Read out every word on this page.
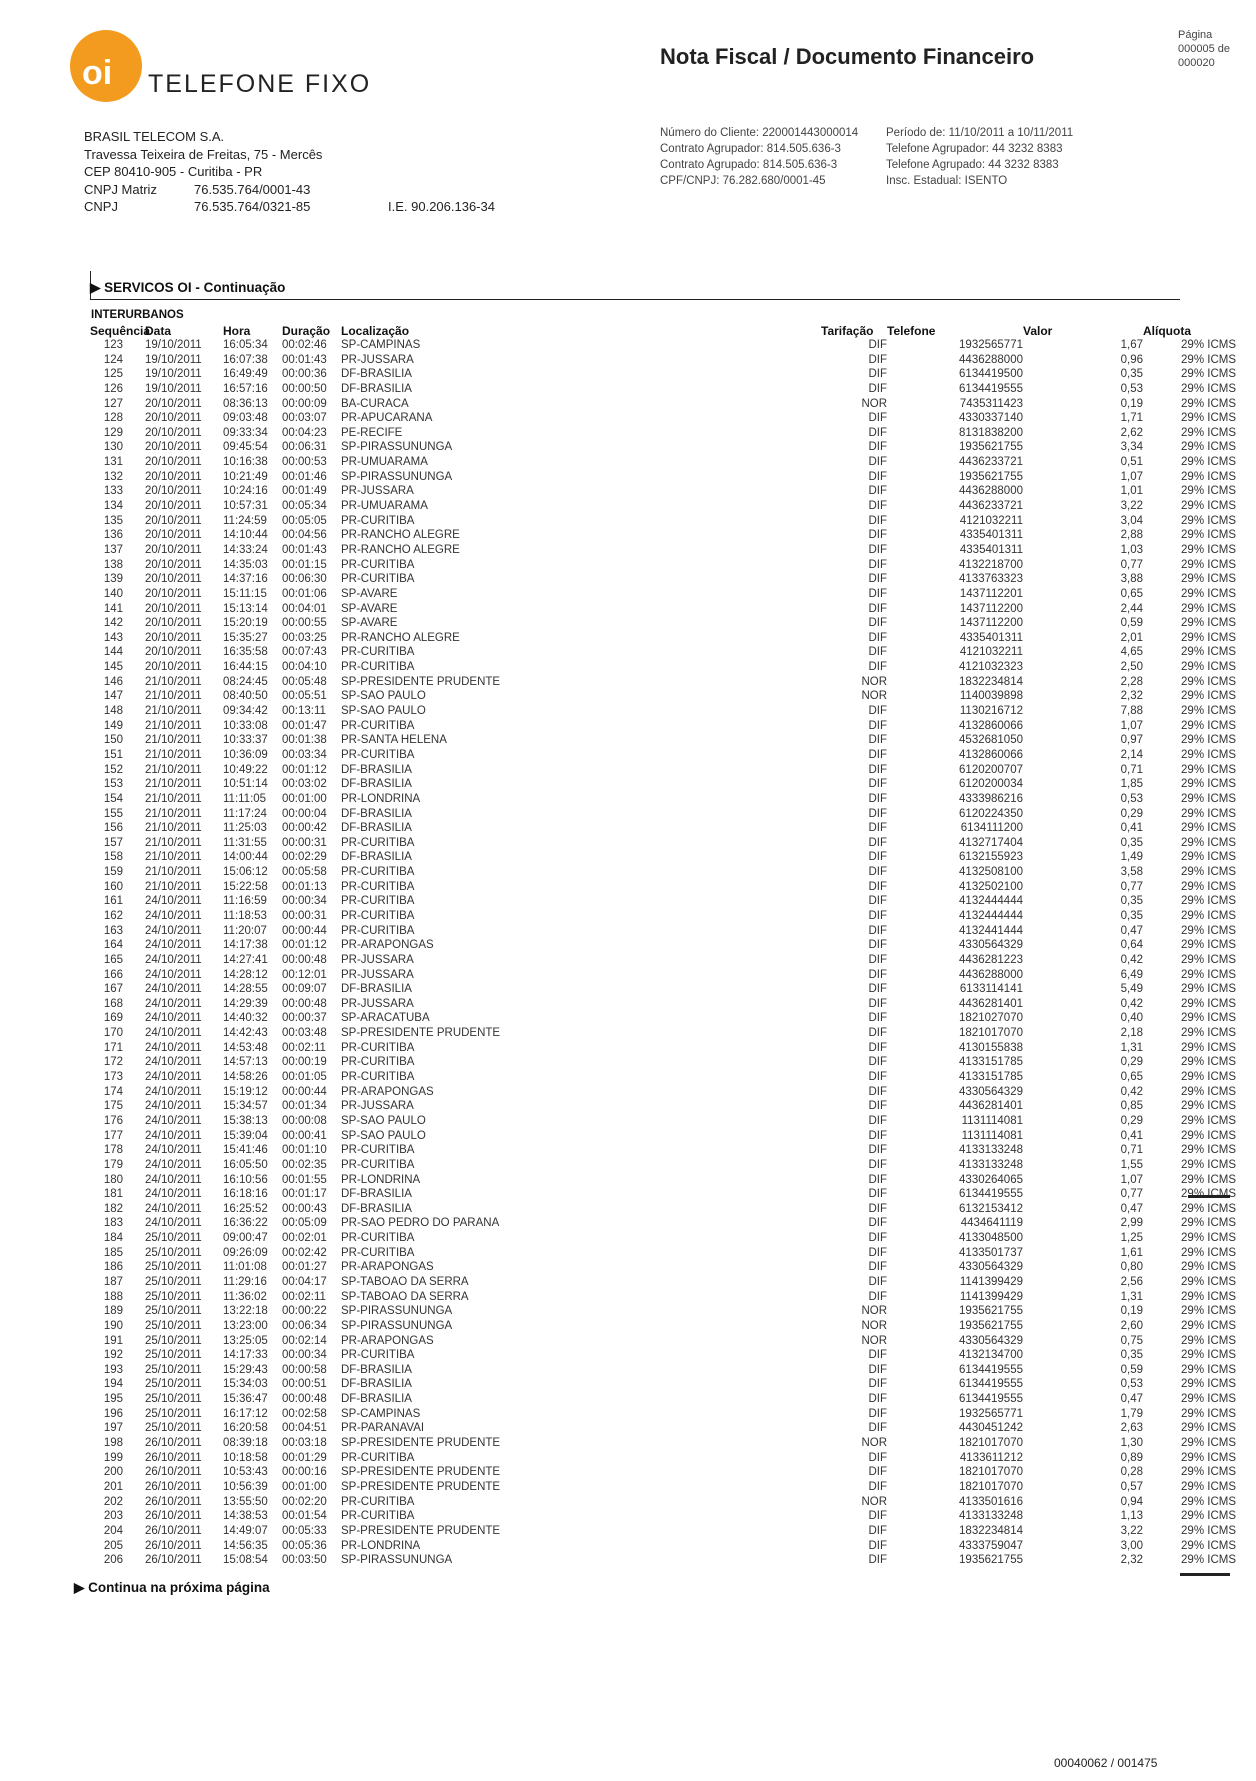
oi TELEFONE FIXO
Nota Fiscal / Documento Financeiro
Página
000005 de
000020
BRASIL TELECOM S.A.
Travessa Teixeira de Freitas, 75 - Mercês
CEP 80410-905 - Curitiba - PR
CNPJ Matriz	76.535.764/0001-43
CNPJ	76.535.764/0321-85	I.E. 90.206.136-34
Número do Cliente: 220001443000014
Contrato Agrupador: 814.505.636-3
Contrato Agrupado: 814.505.636-3
CPF/CNPJ: 76.282.680/0001-45
Período de: 11/10/2011 a 10/11/2011
Telefone Agrupador: 44 3232 8383
Telefone Agrupado: 44 3232 8383
Insc. Estadual: ISENTO
▶ SERVICOS OI - Continuação
INTERURBANOS
Sequência	Data	Hora	Duração	Localização		Tarifação	Telefone	Valor	Alíquota
123	19/10/2011	16:05:34	00:02:46	SP-CAMPINAS		DIF	1932565771	1,67	29% ICMS
124	19/10/2011	16:07:38	00:01:43	PR-JUSSARA		DIF	4436288000	0,96	29% ICMS
125	19/10/2011	16:49:49	00:00:36	DF-BRASILIA		DIF	6134419500	0,35	29% ICMS
126	19/10/2011	16:57:16	00:00:50	DF-BRASILIA		DIF	6134419555	0,53	29% ICMS
127	20/10/2011	08:36:13	00:00:09	BA-CURACA		NOR	7435311423	0,19	29% ICMS
128	20/10/2011	09:03:48	00:03:07	PR-APUCARANA		DIF	4330337140	1,71	29% ICMS
129	20/10/2011	09:33:34	00:04:23	PE-RECIFE		DIF	8131838200	2,62	29% ICMS
130	20/10/2011	09:45:54	00:06:31	SP-PIRASSUNUNGA		DIF	1935621755	3,34	29% ICMS
131	20/10/2011	10:16:38	00:00:53	PR-UMUARAMA		DIF	4436233721	0,51	29% ICMS
132	20/10/2011	10:21:49	00:01:46	SP-PIRASSUNUNGA		DIF	1935621755	1,07	29% ICMS
133	20/10/2011	10:24:16	00:01:49	PR-JUSSARA		DIF	4436288000	1,01	29% ICMS
134	20/10/2011	10:57:31	00:05:34	PR-UMUARAMA		DIF	4436233721	3,22	29% ICMS
135	20/10/2011	11:24:59	00:05:05	PR-CURITIBA		DIF	4121032211	3,04	29% ICMS
136	20/10/2011	14:10:44	00:04:56	PR-RANCHO ALEGRE		DIF	4335401311	2,88	29% ICMS
137	20/10/2011	14:33:24	00:01:43	PR-RANCHO ALEGRE		DIF	4335401311	1,03	29% ICMS
138	20/10/2011	14:35:03	00:01:15	PR-CURITIBA		DIF	4132218700	0,77	29% ICMS
139	20/10/2011	14:37:16	00:06:30	PR-CURITIBA		DIF	4133763323	3,88	29% ICMS
140	20/10/2011	15:11:15	00:01:06	SP-AVARE		DIF	1437112201	0,65	29% ICMS
141	20/10/2011	15:13:14	00:04:01	SP-AVARE		DIF	1437112200	2,44	29% ICMS
142	20/10/2011	15:20:19	00:00:55	SP-AVARE		DIF	1437112200	0,59	29% ICMS
143	20/10/2011	15:35:27	00:03:25	PR-RANCHO ALEGRE		DIF	4335401311	2,01	29% ICMS
144	20/10/2011	16:35:58	00:07:43	PR-CURITIBA		DIF	4121032211	4,65	29% ICMS
145	20/10/2011	16:44:15	00:04:10	PR-CURITIBA		DIF	4121032323	2,50	29% ICMS
146	21/10/2011	08:24:45	00:05:48	SP-PRESIDENTE PRUDENTE		NOR	1832234814	2,28	29% ICMS
147	21/10/2011	08:40:50	00:05:51	SP-SAO PAULO		NOR	1140039898	2,32	29% ICMS
148	21/10/2011	09:34:42	00:13:11	SP-SAO PAULO		DIF	1130216712	7,88	29% ICMS
149	21/10/2011	10:33:08	00:01:47	PR-CURITIBA		DIF	4132860066	1,07	29% ICMS
150	21/10/2011	10:33:37	00:01:38	PR-SANTA HELENA		DIF	4532681050	0,97	29% ICMS
151	21/10/2011	10:36:09	00:03:34	PR-CURITIBA		DIF	4132860066	2,14	29% ICMS
152	21/10/2011	10:49:22	00:01:12	DF-BRASILIA		DIF	6120200707	0,71	29% ICMS
153	21/10/2011	10:51:14	00:03:02	DF-BRASILIA		DIF	6120200034	1,85	29% ICMS
154	21/10/2011	11:11:05	00:01:00	PR-LONDRINA		DIF	4333986216	0,53	29% ICMS
155	21/10/2011	11:17:24	00:00:04	DF-BRASILIA		DIF	6120224350	0,29	29% ICMS
156	21/10/2011	11:25:03	00:00:42	DF-BRASILIA		DIF	6134111200	0,41	29% ICMS
157	21/10/2011	11:31:55	00:00:31	PR-CURITIBA		DIF	4132717404	0,35	29% ICMS
158	21/10/2011	14:00:44	00:02:29	DF-BRASILIA		DIF	6132155923	1,49	29% ICMS
159	21/10/2011	15:06:12	00:05:58	PR-CURITIBA		DIF	4132508100	3,58	29% ICMS
160	21/10/2011	15:22:58	00:01:13	PR-CURITIBA		DIF	4132502100	0,77	29% ICMS
161	24/10/2011	11:16:59	00:00:34	PR-CURITIBA		DIF	4132444444	0,35	29% ICMS
162	24/10/2011	11:18:53	00:00:31	PR-CURITIBA		DIF	4132444444	0,35	29% ICMS
163	24/10/2011	11:20:07	00:00:44	PR-CURITIBA		DIF	4132441444	0,47	29% ICMS
164	24/10/2011	14:17:38	00:01:12	PR-ARAPONGAS		DIF	4330564329	0,64	29% ICMS
165	24/10/2011	14:27:41	00:00:48	PR-JUSSARA		DIF	4436281223	0,42	29% ICMS
166	24/10/2011	14:28:12	00:12:01	PR-JUSSARA		DIF	4436288000	6,49	29% ICMS
167	24/10/2011	14:28:55	00:09:07	DF-BRASILIA		DIF	6133114141	5,49	29% ICMS
168	24/10/2011	14:29:39	00:00:48	PR-JUSSARA		DIF	4436281401	0,42	29% ICMS
169	24/10/2011	14:40:32	00:00:37	SP-ARACATUBA		DIF	1821027070	0,40	29% ICMS
170	24/10/2011	14:42:43	00:03:48	SP-PRESIDENTE PRUDENTE		DIF	1821017070	2,18	29% ICMS
171	24/10/2011	14:53:48	00:02:11	PR-CURITIBA		DIF	4130155838	1,31	29% ICMS
172	24/10/2011	14:57:13	00:00:19	PR-CURITIBA		DIF	4133151785	0,29	29% ICMS
173	24/10/2011	14:58:26	00:01:05	PR-CURITIBA		DIF	4133151785	0,65	29% ICMS
174	24/10/2011	15:19:12	00:00:44	PR-ARAPONGAS		DIF	4330564329	0,42	29% ICMS
175	24/10/2011	15:34:57	00:01:34	PR-JUSSARA		DIF	4436281401	0,85	29% ICMS
176	24/10/2011	15:38:13	00:00:08	SP-SAO PAULO		DIF	1131114081	0,29	29% ICMS
177	24/10/2011	15:39:04	00:00:41	SP-SAO PAULO		DIF	1131114081	0,41	29% ICMS
178	24/10/2011	15:41:46	00:01:10	PR-CURITIBA		DIF	4133133248	0,71	29% ICMS
179	24/10/2011	16:05:50	00:02:35	PR-CURITIBA		DIF	4133133248	1,55	29% ICMS
180	24/10/2011	16:10:56	00:01:55	PR-LONDRINA		DIF	4330264065	1,07	29% ICMS
181	24/10/2011	16:18:16	00:01:17	DF-BRASILIA		DIF	6134419555	0,77	29% ICMS
182	24/10/2011	16:25:52	00:00:43	DF-BRASILIA		DIF	6132153412	0,47	29% ICMS
183	24/10/2011	16:36:22	00:05:09	PR-SAO PEDRO DO PARANA		DIF	4434641119	2,99	29% ICMS
184	25/10/2011	09:00:47	00:02:01	PR-CURITIBA		DIF	4133048500	1,25	29% ICMS
185	25/10/2011	09:26:09	00:02:42	PR-CURITIBA		DIF	4133501737	1,61	29% ICMS
186	25/10/2011	11:01:08	00:01:27	PR-ARAPONGAS		DIF	4330564329	0,80	29% ICMS
187	25/10/2011	11:29:16	00:04:17	SP-TABOAO DA SERRA		DIF	1141399429	2,56	29% ICMS
188	25/10/2011	11:36:02	00:02:11	SP-TABOAO DA SERRA		DIF	1141399429	1,31	29% ICMS
189	25/10/2011	13:22:18	00:00:22	SP-PIRASSUNUNGA		NOR	1935621755	0,19	29% ICMS
190	25/10/2011	13:23:00	00:06:34	SP-PIRASSUNUNGA		NOR	1935621755	2,60	29% ICMS
191	25/10/2011	13:25:05	00:02:14	PR-ARAPONGAS		NOR	4330564329	0,75	29% ICMS
192	25/10/2011	14:17:33	00:00:34	PR-CURITIBA		DIF	4132134700	0,35	29% ICMS
193	25/10/2011	15:29:43	00:00:58	DF-BRASILIA		DIF	6134419555	0,59	29% ICMS
194	25/10/2011	15:34:03	00:00:51	DF-BRASILIA		DIF	6134419555	0,53	29% ICMS
195	25/10/2011	15:36:47	00:00:48	DF-BRASILIA		DIF	6134419555	0,47	29% ICMS
196	25/10/2011	16:17:12	00:02:58	SP-CAMPINAS		DIF	1932565771	1,79	29% ICMS
197	25/10/2011	16:20:58	00:04:51	PR-PARANAVAI		DIF	4430451242	2,63	29% ICMS
198	26/10/2011	08:39:18	00:03:18	SP-PRESIDENTE PRUDENTE		NOR	1821017070	1,30	29% ICMS
199	26/10/2011	10:18:58	00:01:29	PR-CURITIBA		DIF	4133611212	0,89	29% ICMS
200	26/10/2011	10:53:43	00:00:16	SP-PRESIDENTE PRUDENTE		DIF	1821017070	0,28	29% ICMS
201	26/10/2011	10:56:39	00:01:00	SP-PRESIDENTE PRUDENTE		DIF	1821017070	0,57	29% ICMS
202	26/10/2011	13:55:50	00:02:20	PR-CURITIBA		NOR	4133501616	0,94	29% ICMS
203	26/10/2011	14:38:53	00:01:54	PR-CURITIBA		DIF	4133133248	1,13	29% ICMS
204	26/10/2011	14:49:07	00:05:33	SP-PRESIDENTE PRUDENTE		DIF	1832234814	3,22	29% ICMS
205	26/10/2011	14:56:35	00:05:36	PR-LONDRINA		DIF	4333759047	3,00	29% ICMS
206	26/10/2011	15:08:54	00:03:50	SP-PIRASSUNUNGA		DIF	1935621755	2,32	29% ICMS
▶ Continua na próxima página
00040062 / 001475
